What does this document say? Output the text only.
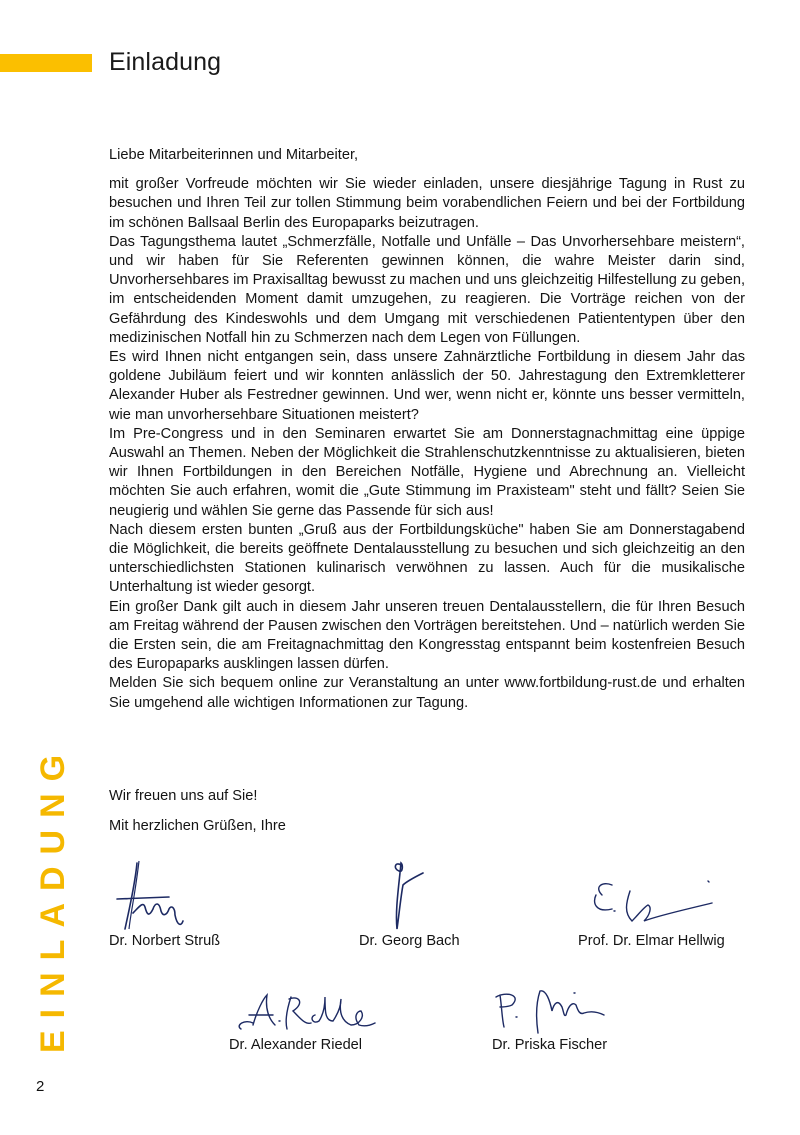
Einladung

Liebe Mitarbeiterinnen und Mitarbeiter,

mit großer Vorfreude möchten wir Sie wieder einladen, unsere diesjährige Tagung in Rust zu besuchen und Ihren Teil zur tollen Stimmung beim vorabendlichen Feiern und bei der Fortbildung im schönen Ballsaal Berlin des Europaparks beizutragen.

Das Tagungsthema lautet „Schmerzfälle, Notfalle und Unfälle – Das Unvorhersehbare meistern“, und wir haben für Sie Referenten gewinnen können, die wahre Meister darin sind, Unvorhersehbares im Praxisalltag bewusst zu machen und uns gleichzeitig Hilfestellung zu geben, im entscheidenden Moment damit umzugehen, zu reagieren. Die Vorträge reichen von der Gefährdung des Kindeswohls und dem Umgang mit verschiedenen Patiententypen über den medizinischen Notfall hin zu Schmerzen nach dem Legen von Füllungen.

Es wird Ihnen nicht entgangen sein, dass unsere Zahnärztliche Fortbildung in diesem Jahr das goldene Jubiläum feiert und wir konnten anlässlich der 50. Jahrestagung den Extremkletterer Alexander Huber als Festredner gewinnen. Und wer, wenn nicht er, könnte uns besser vermitteln, wie man unvorhersehbare Situationen meistert?

Im Pre-Congress und in den Seminaren erwartet Sie am Donnerstagnachmittag eine üppige Auswahl an Themen. Neben der Möglichkeit die Strahlenschutzkenntnisse zu aktualisieren, bieten wir Ihnen Fortbildungen in den Bereichen Notfälle, Hygiene und Abrechnung an. Vielleicht möchten Sie auch erfahren, womit die „Gute Stimmung im Praxisteam" steht und fällt? Seien Sie neugierig und wählen Sie gerne das Passende für sich aus!

Nach diesem ersten bunten „Gruß aus der Fortbildungsküche" haben Sie am Donnerstagabend die Möglichkeit, die bereits geöffnete Dentalausstellung zu besuchen und sich gleichzeitig an den unterschiedlichsten Stationen kulinarisch verwöhnen zu lassen. Auch für die musikalische Unterhaltung ist wieder gesorgt.

Ein großer Dank gilt auch in diesem Jahr unseren treuen Dentalausstellern, die für Ihren Besuch am Freitag während der Pausen zwischen den Vorträgen bereitstehen. Und – natürlich werden Sie die Ersten sein, die am Freitagnachmittag den Kongresstag entspannt beim kostenfreien Besuch des Europaparks ausklingen lassen dürfen.

Melden Sie sich bequem online zur Veranstaltung an unter www.fortbildung-rust.de und erhalten Sie umgehend alle wichtigen Informationen zur Tagung.

Wir freuen uns auf Sie!
Mit herzlichen Grüßen, Ihre
Dr. Norbert Struß	Dr. Georg Bach	Prof. Dr. Elmar Hellwig
Dr. Alexander Riedel	Dr. Priska Fischer
EINLADUNG
2
